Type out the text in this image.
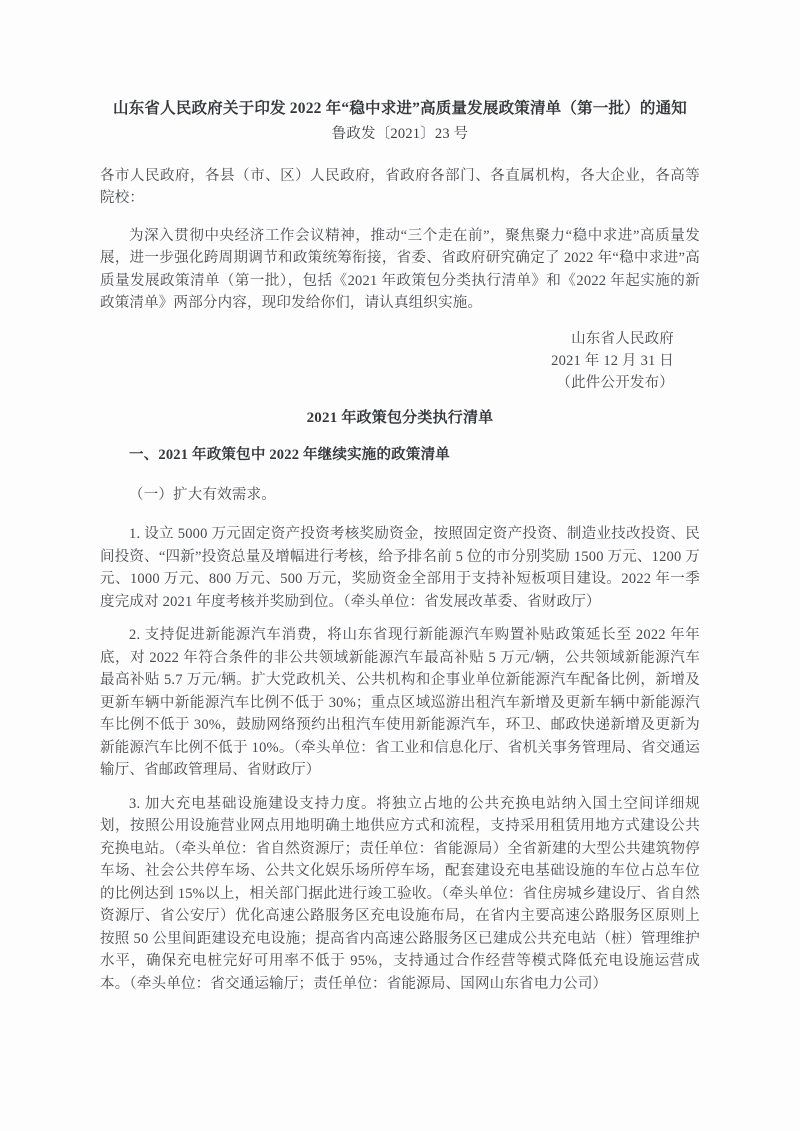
山东省人民政府关于印发 2022 年“稳中求进”高质量发展政策清单（第一批）的通知

鲁政发〔2021〕23 号

各市人民政府，各县（市、区）人民政府，省政府各部门、各直属机构，各大企业，各高等院校：

为深入贯彻中央经济工作会议精神，推动“三个走在前”，聚焦聚力“稳中求进”高质量发展，进一步强化跨周期调节和政策统筹衔接，省委、省政府研究确定了 2022 年“稳中求进”高质量发展政策清单（第一批），包括《2021 年政策包分类执行清单》和《2022 年起实施的新政策清单》两部分内容，现印发给你们，请认真组织实施。

山东省人民政府

2021 年 12 月 31 日

（此件公开发布）

2021 年政策包分类执行清单

一、2021 年政策包中 2022 年继续实施的政策清单

（一）扩大有效需求。

1. 设立 5000 万元固定资产投资考核奖励资金，按照固定资产投资、制造业技改投资、民间投资、“四新”投资总量及增幅进行考核，给予排名前 5 位的市分别奖励 1500 万元、1200 万元、1000 万元、800 万元、500 万元，奖励资金全部用于支持补短板项目建设。2022 年一季度完成对 2021 年度考核并奖励到位。（牵头单位：省发展改革委、省财政厅）

2. 支持促进新能源汽车消费，将山东省现行新能源汽车购置补贴政策延长至 2022 年年底，对 2022 年符合条件的非公共领域新能源汽车最高补贴 5 万元/辆，公共领域新能源汽车最高补贴 5.7 万元/辆。扩大党政机关、公共机构和企事业单位新能源汽车配备比例，新增及更新车辆中新能源汽车比例不低于 30%；重点区域巡游出租汽车新增及更新车辆中新能源汽车比例不低于 30%，鼓励网络预约出租汽车使用新能源汽车，环卫、邮政快递新增及更新为新能源汽车比例不低于 10%。（牵头单位：省工业和信息化厅、省机关事务管理局、省交通运输厅、省邮政管理局、省财政厅）

3. 加大充电基础设施建设支持力度。将独立占地的公共充换电站纳入国土空间详细规划，按照公用设施营业网点用地明确土地供应方式和流程，支持采用租赁用地方式建设公共充换电站。（牵头单位：省自然资源厅；责任单位：省能源局）全省新建的大型公共建筑物停车场、社会公共停车场、公共文化娱乐场所停车场，配套建设充电基础设施的车位占总车位的比例达到 15%以上，相关部门据此进行竣工验收。（牵头单位：省住房城乡建设厅、省自然资源厅、省公安厅）优化高速公路服务区充电设施布局，在省内主要高速公路服务区原则上按照 50 公里间距建设充电设施；提高省内高速公路服务区已建成公共充电站（桩）管理维护水平，确保充电桩完好可用率不低于 95%，支持通过合作经营等模式降低充电设施运营成本。（牵头单位：省交通运输厅；责任单位：省能源局、国网山东省电力公司）
